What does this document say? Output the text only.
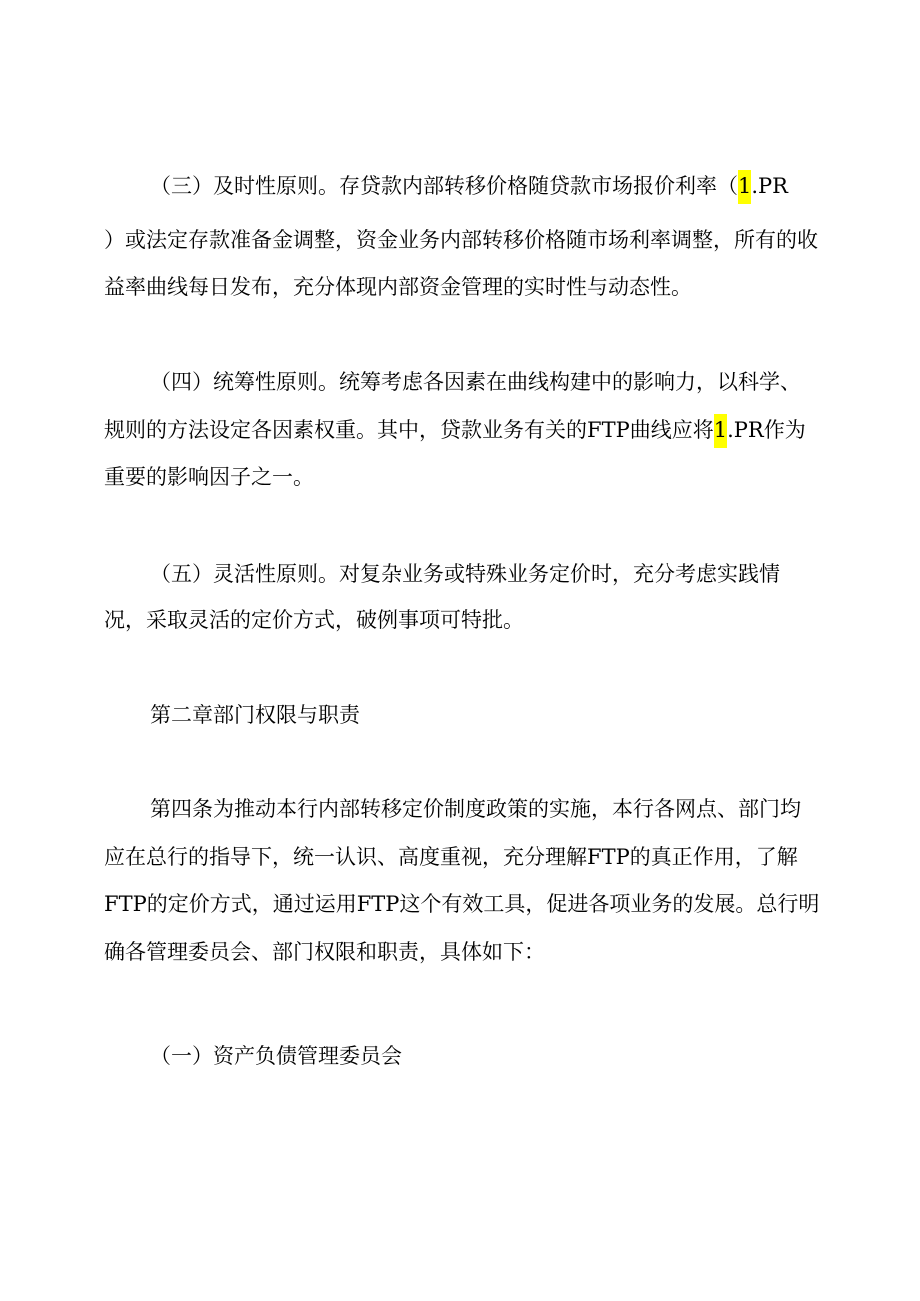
（三）及时性原则。存贷款内部转移价格随贷款市场报价利率（1.PR

）或法定存款准备金调整，资金业务内部转移价格随市场利率调整，所有的收

益率曲线每日发布，充分体现内部资金管理的实时性与动态性。

（四）统筹性原则。统筹考虑各因素在曲线构建中的影响力，以科学、

规则的方法设定各因素权重。其中，贷款业务有关的FTP曲线应将1.PR作为

重要的影响因子之一。

（五）灵活性原则。对复杂业务或特殊业务定价时，充分考虑实践情

况，采取灵活的定价方式，破例事项可特批。

第二章部门权限与职责

第四条为推动本行内部转移定价制度政策的实施，本行各网点、部门均

应在总行的指导下，统一认识、高度重视，充分理解FTP的真正作用，了解

FTP的定价方式，通过运用FTP这个有效工具，促进各项业务的发展。总行明

确各管理委员会、部门权限和职责，具体如下：

（一）资产负债管理委员会
